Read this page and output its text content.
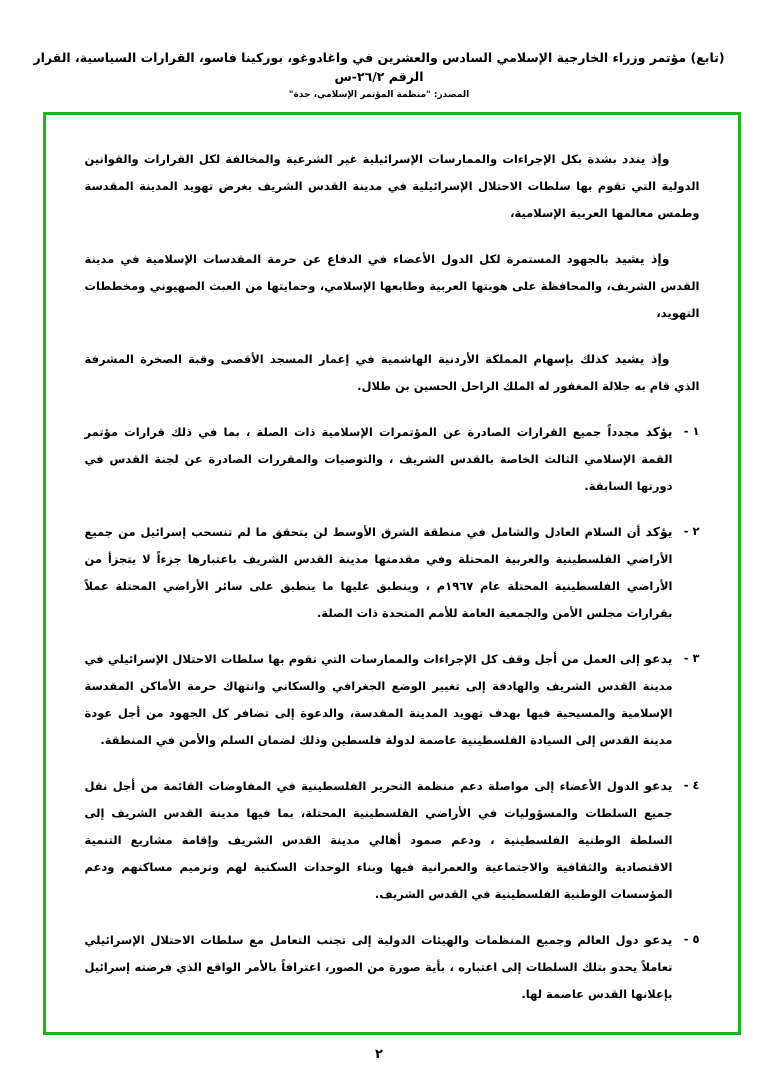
(تابع) مؤتمر وزراء الخارجية الإسلامي السادس والعشرين في واغادوغو، بوركينا فاسو، القرارات السياسية، القرار الرقم ٢٦/٢-س
المصدر: "منظمة المؤتمر الإسلامي، جدة"

وإذ يندد بشدة بكل الإجراءات والممارسات الإسرائيلية غير الشرعية والمخالفة لكل القرارات والقوانين الدولية التي تقوم بها سلطات الاحتلال الإسرائيلية في مدينة القدس الشريف بغرض تهويد المدينة المقدسة وطمس معالمها العربية الإسلامية،

وإذ يشيد بالجهود المستمرة لكل الدول الأعضاء في الدفاع عن حرمة المقدسات الإسلامية في مدينة القدس الشريف، والمحافظة على هويتها العربية وطابعها الإسلامي، وحمايتها من العبث الصهيوني ومخططات التهويد،

وإذ يشيد كذلك بإسهام المملكة الأردنية الهاشمية في إعمار المسجد الأقصى وقبة الصخرة المشرفة الذي قام به جلالة المغفور له الملك الراحل الحسين بن طلال.

١ -
يؤكد مجدداً جميع القرارات الصادرة عن المؤتمرات الإسلامية ذات الصلة ، بما في ذلك قرارات مؤتمر القمة الإسلامي الثالث الخاصة بالقدس الشريف ، والتوصيات والمقررات الصادرة عن لجنة القدس في دورتها السابقة.
٢ -
يؤكد أن السلام العادل والشامل في منطقة الشرق الأوسط لن يتحقق ما لم تنسحب إسرائيل من جميع الأراضي الفلسطينية والعربية المحتلة وفي مقدمتها مدينة القدس الشريف باعتبارها جزءاً لا يتجزأ من الأراضي الفلسطينية المحتلة عام ١٩٦٧م ، وينطبق عليها ما ينطبق على سائر الأراضي المحتلة عملاً بقرارات مجلس الأمن والجمعية العامة للأمم المتحدة ذات الصلة.
٣ -
يدعو إلى العمل من أجل وقف كل الإجراءات والممارسات التي تقوم بها سلطات الاحتلال الإسرائيلي في مدينة القدس الشريف والهادفة إلى تغيير الوضع الجغرافي والسكاني وانتهاك حرمة الأماكن المقدسة الإسلامية والمسيحية فيها بهدف تهويد المدينة المقدسة، والدعوة إلى تضافر كل الجهود من أجل عودة مدينة القدس إلى السيادة الفلسطينية عاصمة لدولة فلسطين وذلك لضمان السلم والأمن في المنطقة.
٤ -
يدعو الدول الأعضاء إلى مواصلة دعم منظمة التحرير الفلسطينية في المفاوضات القائمة من أجل نقل جميع السلطات والمسؤوليات في الأراضي الفلسطينية المحتلة، بما فيها مدينة القدس الشريف إلى السلطة الوطنية الفلسطينية ، ودعم صمود أهالي مدينة القدس الشريف وإقامة مشاريع التنمية الاقتصادية والثقافية والاجتماعية والعمرانية فيها وبناء الوحدات السكنية لهم وترميم مساكنهم ودعم المؤسسات الوطنية الفلسطينية في القدس الشريف.
٥ -
يدعو دول العالم وجميع المنظمات والهيئات الدولية إلى تجنب التعامل مع سلطات الاحتلال الإسرائيلي تعاملاً يحدو بتلك السلطات إلى اعتباره ، بأية صورة من الصور، اعترافاً بالأمر الواقع الذي فرضته إسرائيل بإعلانها القدس عاصمة لها.
٢
